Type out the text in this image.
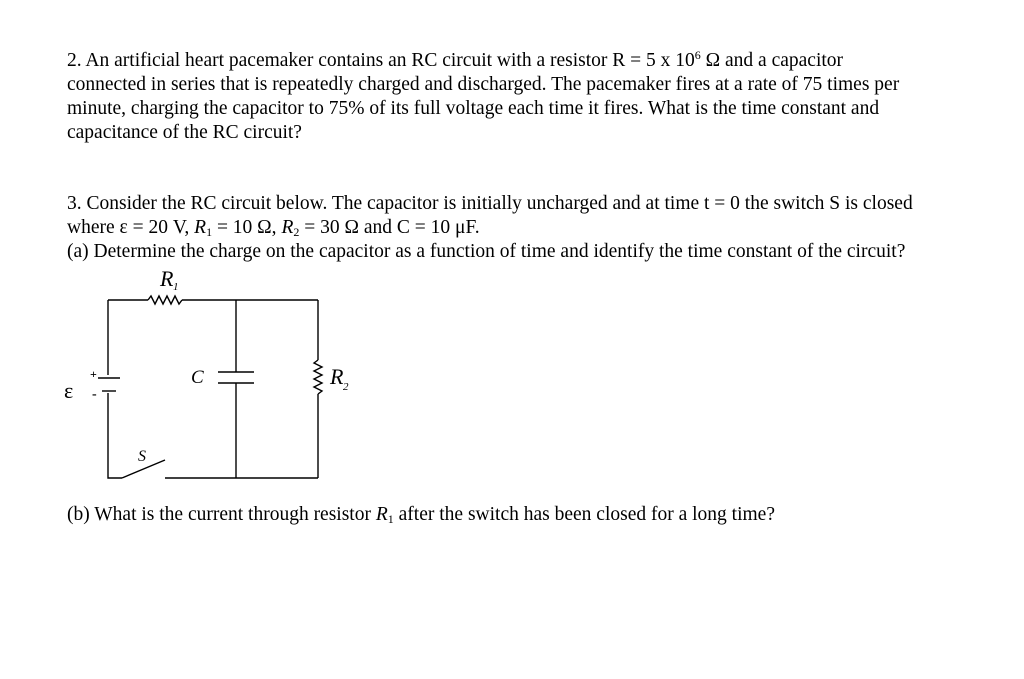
2. An artificial heart pacemaker contains an RC circuit with a resistor R = 5 x $10^6$ Ω and a capacitor
connected in series that is repeatedly charged and discharged. The pacemaker fires at a rate of 75 times per
minute, charging the capacitor to 75% of its full voltage each time it fires. What is the time constant and
capacitance of the RC circuit?
3. Consider the RC circuit below. The capacitor is initially uncharged and at time t = 0 the switch S is closed
where ε = 20 V, $R_1 = 10$ Ω, $R_2 = 30$ Ω and C = 10 μF.
(a) Determine the charge on the capacitor as a function of time and identify the time constant of the circuit?
(b) What is the current through resistor $R_1$ after the switch has been closed for a long time?
R 1
R 2
C
ε
+
-
S
